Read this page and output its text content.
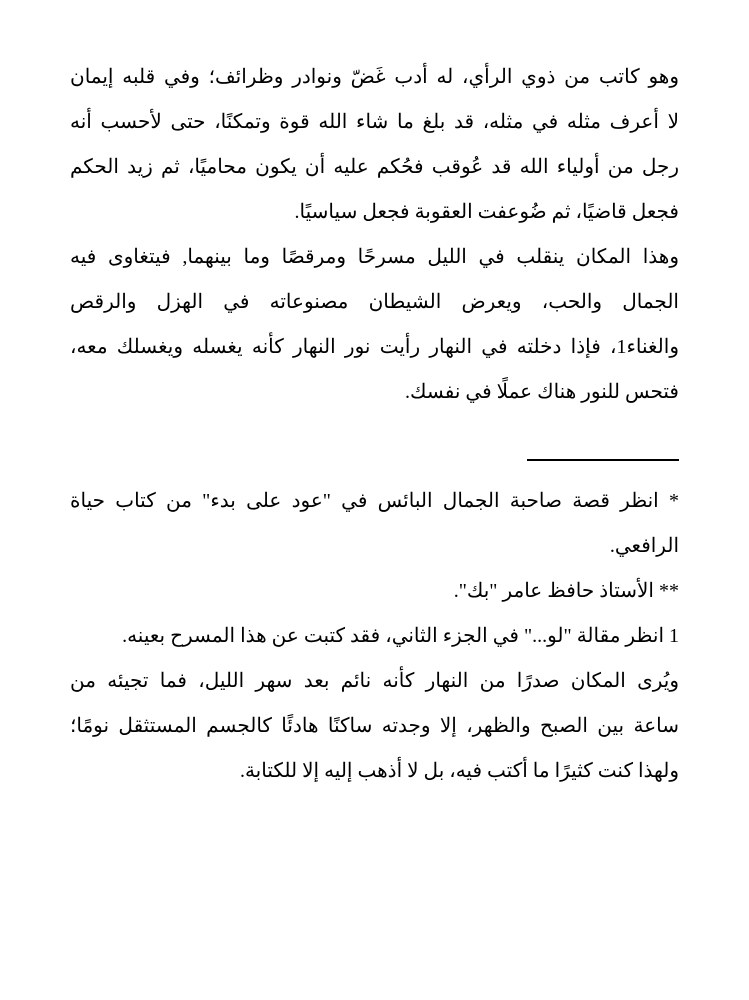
وهو كاتب من ذوي الرأي، له أدب غَضّ ونوادر وظرائف؛ وفي قلبه إيمان

لا أعرف مثله في مثله، قد بلغ ما شاء الله قوة وتمكنًا، حتى لأحسب أنه

رجل من أولياء الله قد عُوقب فحُكم عليه أن يكون محاميًا، ثم زيد الحكم

فجعل قاضيًا، ثم ضُوعفت العقوبة فجعل سياسيًا.

وهذا المكان ينقلب في الليل مسرحًا ومرقصًا وما بينهما, فيتغاوى فيه

الجمال والحب، ويعرض الشيطان مصنوعاته في الهزل والرقص

والغناء1، فإذا دخلته في النهار رأيت نور النهار كأنه يغسله ويغسلك معه،

فتحس للنور هناك عملًا في نفسك.

* انظر قصة صاحبة الجمال البائس في "عود على بدء" من كتاب حياة

الرافعي.

** الأستاذ حافظ عامر "بك".

1 انظر مقالة "لو..." في الجزء الثاني، فقد كتبت عن هذا المسرح بعينه.

ويُرى المكان صدرًا من النهار كأنه نائم بعد سهر الليل، فما تجيئه من

ساعة بين الصبح والظهر، إلا وجدته ساكنًا هادئًا كالجسم المستثقل نومًا؛

ولهذا كنت كثيرًا ما أكتب فيه، بل لا أذهب إليه إلا للكتابة.
